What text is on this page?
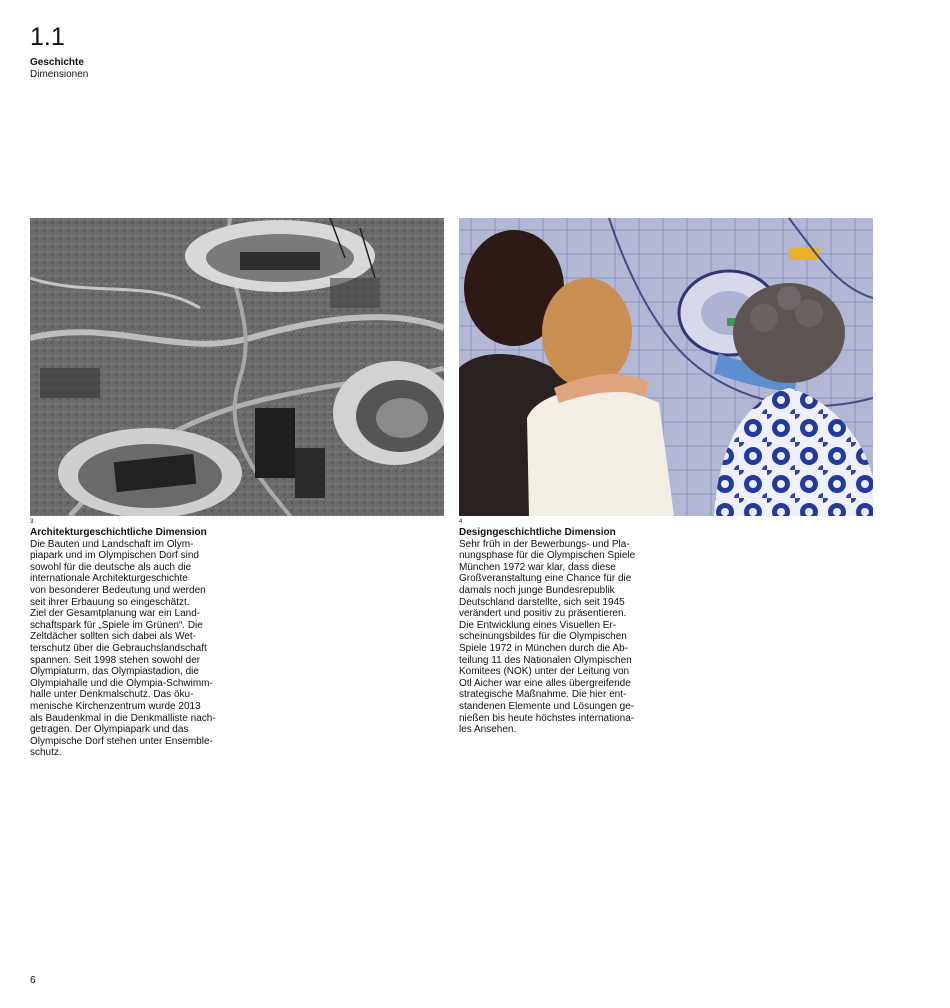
1.1
Geschichte
Dimensionen
3
Architekturgeschichtliche Dimension
Die Bauten und Landschaft im Olym-
piapark und im Olympischen Dorf sind
sowohl für die deutsche als auch die
internationale Architekturgeschichte
von besonderer Bedeutung und werden
seit ihrer Erbauung so eingeschätzt.
Ziel der Gesamtplanung war ein Land-
schaftspark für „Spiele im Grünen“. Die
Zeltdächer sollten sich dabei als Wet-
terschutz über die Gebrauchslandschaft
spannen. Seit 1998 stehen sowohl der
Olympiaturm, das Olympiastadion, die
Olympiahalle und die Olympia-Schwimm-
halle unter Denkmalschutz. Das öku-
menische Kirchenzentrum wurde 2013
als Baudenkmal in die Denkmalliste nach-
getragen. Der Olympiapark und das
Olympische Dorf stehen unter Ensemble-
schutz.
4
Designgeschichtliche Dimension
Sehr früh in der Bewerbungs- und Pla-
nungsphase für die Olympischen Spiele
München 1972 war klar, dass diese
Großveranstaltung eine Chance für die
damals noch junge Bundesrepublik
Deutschland darstellte, sich seit 1945
verändert und positiv zu präsentieren.
Die Entwicklung eines Visuellen Er-
scheinungsbildes für die Olympischen
Spiele 1972 in München durch die Ab-
teilung 11 des Nationalen Olympischen
Komitees (NOK) unter der Leitung von
Otl Aicher war eine alles übergreifende
strategische Maßnahme. Die hier ent-
standenen Elemente und Lösungen ge-
nießen bis heute höchstes internationa-
les Ansehen.
6
